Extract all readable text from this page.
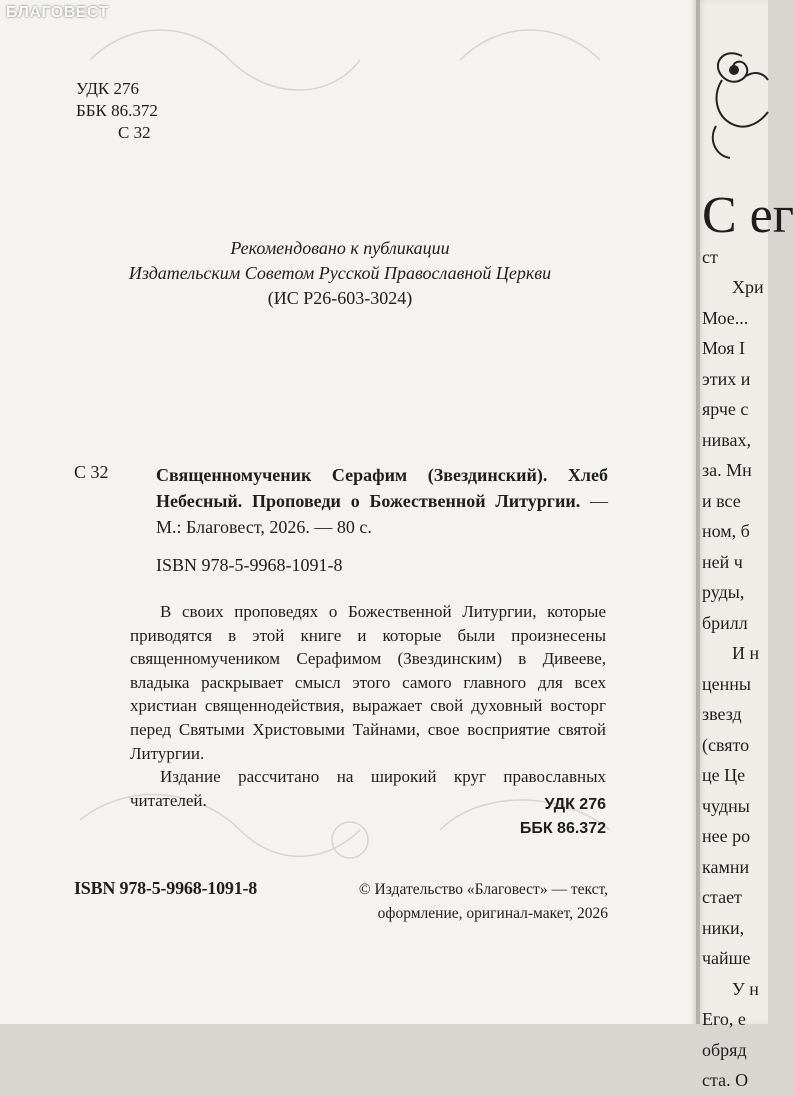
БЛАГОВЕСТ
УДК 276
ББК 86.372
С 32
Рекомендовано к публикации
Издательским Советом Русской Православной Церкви
(ИС Р26-603-3024)
С 32	Священномученик Серафим (Звездинский). Хлеб Небесный. Проповеди о Божественной Литургии. — М.: Благовест, 2026. — 80 с.
ISBN 978-5-9968-1091-8

В своих проповедях о Божественной Литургии, которые приводятся в этой книге и которые были произнесены священномучеником Серафимом (Звездинским) в Дивееве, владыка раскрывает смысл этого самого главного для всех христиан священнодействия, выражает свой духовный восторг перед Святыми Христовыми Тайнами, свое восприятие святой Литургии.

Издание рассчитано на широкий круг православных читателей.	УДК 276
ББК 86.372
ISBN 978-5-9968-1091-8	© Издательство «Благовест» — текст, оформление, оригинал-макет, 2026
С ег
ст
Хри
Мое...
Моя I
этих и
ярче с
нивах,
за. Мн
и все
ном, б
ней ч
руды,
брилл
И н
ценны
звезд
(свято
це Це
чудны
нее ро
камни
стает
ники,
чайше
У н
Его, е
обряд
ста. О
